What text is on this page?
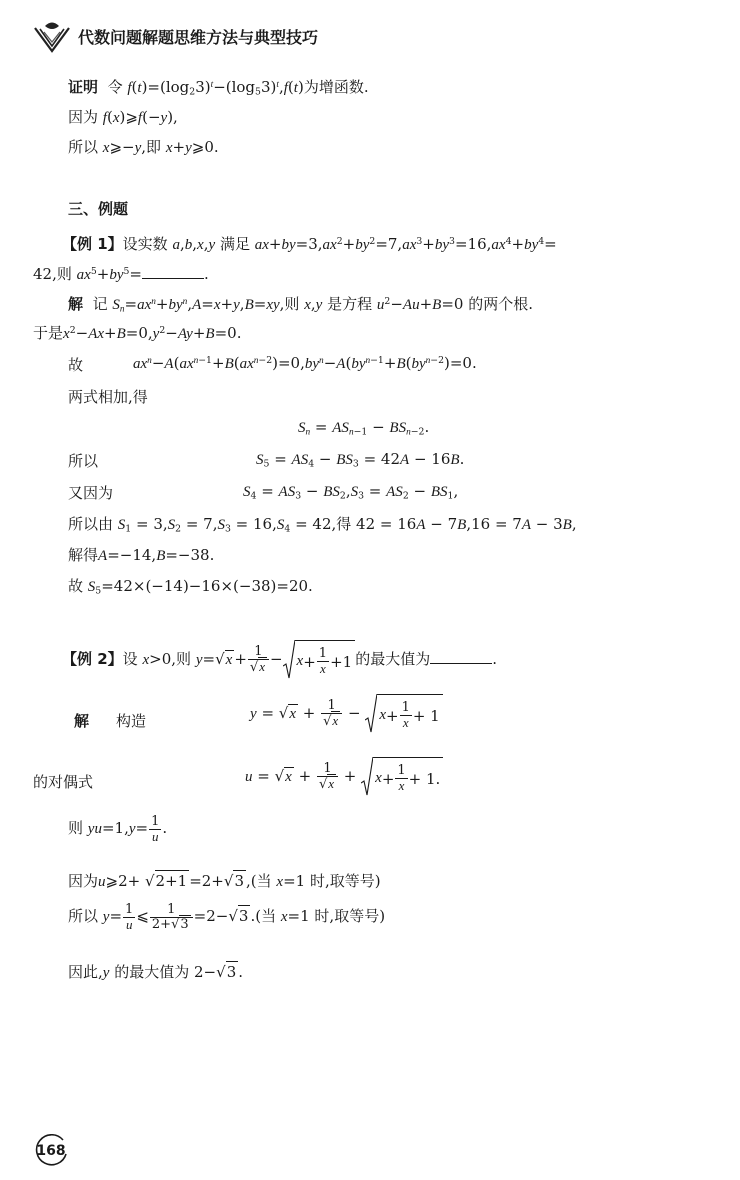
代数问题解题思维方法与典型技巧
证明 令 $f(t)=(\log_23)^t-(\log_53)^t,f(t)$为增函数.
因为 f(x)⩾f(−y),
所以 x⩾−y,即 x+y⩾0.
三、例题
【例 1】设实数 a,b,x,y 满足 $ax+by=3,ax^2+by^2=7,ax^3+by^3=16,ax^4+by^4=$
42,则 $ax^5+by^5=$	.
解 记 $S_n=ax^n+by^n,A=x+y,B=xy$,则 x,y 是方程 $u^2-Au+B=0$ 的两个根.
于是$x^2-Ax+B=0,y^2-Ay+B=0$.
故	$ax^n-A(ax^{n-1}+B(ax^{n-2})=0,by^n-A(by^{n-1}+B(by^{n-2})=0$.
两式相加,得
$S_n = AS_{n-1} - BS_{n-2}$.
所以	$S_5 = AS_4 - BS_3 = 42A - 16B$.
又因为	$S_4 = AS_3 - BS_2,S_3 = AS_2 - BS_1$,
所以由 $S_1 = 3,S_2 = 7,S_3 = 16,S_4 = 42$,得 42 = 16A − 7B,16 = 7A − 3B,
解得A=−14,B=−38.
故 $S_5=42\times(-14)-16\times(-38)=20$.
【例 2】设 x>0,则 $y=√x + \frac{1}{√x} - x + \frac{1}{x} +1$ 的最大值为	.
解 构造	$y = √x + \frac{1}{√x} - x + \frac{1}{x} + 1$
的对偶式	$u = √x + \frac{1}{√x} + x + \frac{1}{x} + 1$.
则 $yu=1,y= \frac{1}{u}$ .
因为u⩾2+ √2+1 =2+√3 ,(当 x=1 时,取等号)
所以 $y= \frac{1}{u}$ ⩽ $\frac{1}{2+√3} =2-√3$ .(当 x=1 时,取等号)
因此,y 的最大值为 2−√3 .
168
